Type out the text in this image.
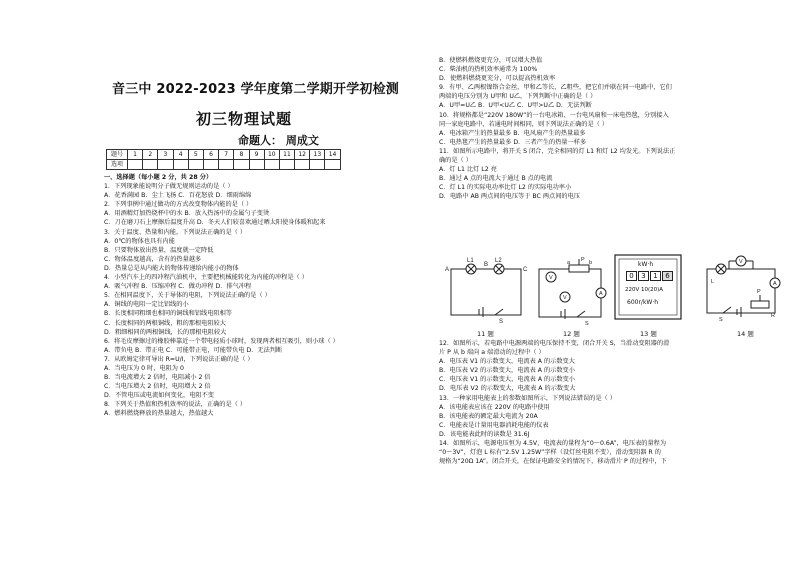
音三中 2022-2023 学年度第二学期开学初检测
初三物理试题
命题人： 周成文
题号	1	2	3	4	5	6	7	8	9	10	11	12	13	14
选项														
一、选择题（每小题 2 分，共 28 分）
1．下列现象能说明分子做无规则运动的是（ ）
A．花香满园 B．尘土飞扬 C．百花怒放 D．细雨绵绵
2．下列事例中通过做功的方式改变物体内能的是（ ）
A．用酒精灯加热烧杯中的水 B．放入热汤中的金属勺子变烫
C．刀在磨刀石上摩擦后温度升高 D．冬天人们较喜欢通过晒太阳使身体暖和起来
3．关于温度、热量和内能，下列说法正确的是（ ）
A．0℃的物体也具有内能
B．只要物体放出热量，温度就一定降低
C．物体温度越高，含有的热量越多
D．热量总是从内能大的物体传递给内能小的物体
4．小型汽车上的四冲程汽油机中，主要把机械能转化为内能的冲程是（ ）
A．吸气冲程 B．压缩冲程 C．做功冲程 D．排气冲程
5．在相同温度下，关于导体的电阻，下列说法正确的是（ ）
A．铜线的电阻一定比铝线的小
B．长度相同粗细也相同的铜线和铝线电阻相等
C．长度相同的两根铜线，粗的那根电阻较大
D．粗细相同的两根铜线，长的那根电阻较大
6．将毛皮摩擦过的橡胶棒靠近一个带电轻质小球时，发现两者相互吸引，则小球（ ）
A．带负电 B．带正电 C．可能带正电，可能带负电 D．无法判断
7．从欧姆定律可导出 R=U/I，下列说法正确的是（ ）
A．当电压为 0 时，电阻为 0
B．当电流增大 2 倍时，电阻减小 2 倍
C．当电压增大 2 倍时，电阻增大 2 倍
D．不管电压或电流如何变化，电阻不变
8．下列关于热值和热机效率的说法，正确的是（ ）
A．燃料燃烧释放的热量越大，热值越大
B．使燃料燃烧更充分，可以增大热值
C．柴油机的热机效率通常为 100%
D．使燃料燃烧更充分，可以提高热机效率
9．有甲、乙两根镍铬合金丝，甲和乙等长，乙粗些，把它们并联在同一电路中，它们
两端的电压分别为 U甲和 U乙，下列判断中正确的是（ ）
A．U甲=U乙 B．U甲<U乙 C．U甲>U乙 D．无法判断
10．将规格都是“220V 180W”的一台电冰箱、一台电风扇和一床电热毯，分别接入
同一家庭电路中，若通电时间相同，则下列说法正确的是（ ）
A．电冰箱产生的热量最多 B．电风扇产生的热量最多
C．电热毯产生的热量最多 D．三者产生的热量一样多
11．如图所示电路中，将开关 S 闭合，完全相同的灯 L1 和灯 L2 均发光。下列说法正
确的是（ ）
A．灯 L1 比灯 L2 亮
B．通过 A 点的电流大于通过 B 点的电流
C．灯 L1 的实际电功率比灯 L2 的实际电功率小
D．电路中 AB 两点间的电压等于 BC 两点间的电压
L1	L2
A
B
C
S
V
A
V
P
a	b
S
kW·h
0	3	1	6
220V 10(20)A
600r/kW·h
V
A
L
P
R
S
11 题	12 题	13 题	14 题
12．如图所示，若电路中电源两端的电压保持不变，闭合开关 S，当滑动变阻器的滑
片 P 从 b 端向 a 端滑动的过程中（ ）
A．电压表 V1 的示数变大，电流表 A 的示数变大
B．电压表 V2 的示数变大，电流表 A 的示数变小
C．电压表 V1 的示数变大，电流表 A 的示数变小
D．电压表 V2 的示数变大，电流表 A 的示数变大
13．一种家用电能表上的参数如图所示，下列说法错误的是（ ）
A．该电能表应该在 220V 的电路中使用
B．该电能表的额定最大电流为 20A
C．电能表是计量用电器消耗电能的仪表
D．该电能表此时的读数是 31.6J
14．如图所示，电源电压恒为 4.5V，电流表的量程为“0～0.6A”，电压表的量程为
“0～3V”，灯泡 L 标有“2.5V 1.25W”字样（设灯丝电阻不变），滑动变阻器 R 的
规格为“20Ω 1A”。闭合开关，在保证电路安全的情况下，移动滑片 P 的过程中，下
